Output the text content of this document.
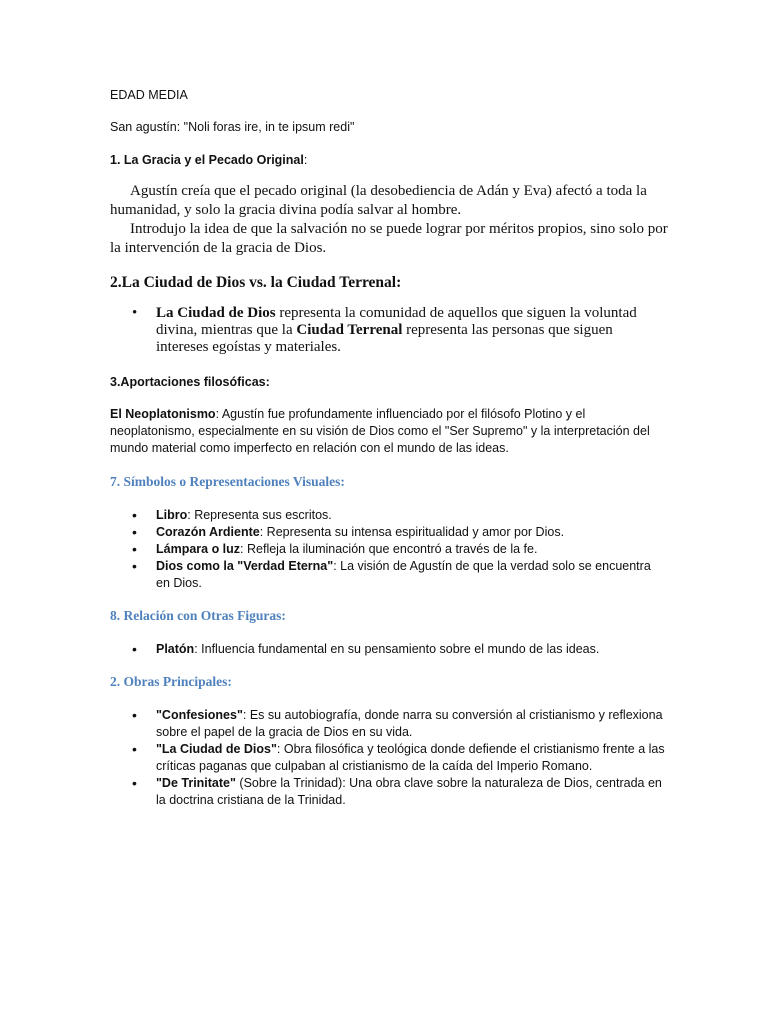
EDAD MEDIA

San agustín: "Noli foras ire, in te ipsum redi"

1. La Gracia y el Pecado Original:

Agustín creía que el pecado original (la desobediencia de Adán y Eva) afectó a toda la humanidad, y solo la gracia divina podía salvar al hombre.

Introdujo la idea de que la salvación no se puede lograr por méritos propios, sino solo por la intervención de la gracia de Dios.

2.La Ciudad de Dios vs. la Ciudad Terrenal:

• La Ciudad de Dios representa la comunidad de aquellos que siguen la voluntad divina, mientras que la Ciudad Terrenal representa las personas que siguen intereses egoístas y materiales.

3.Aportaciones filosóficas:

El Neoplatonismo: Agustín fue profundamente influenciado por el filósofo Plotino y el neoplatonismo, especialmente en su visión de Dios como el "Ser Supremo" y la interpretación del mundo material como imperfecto en relación con el mundo de las ideas.

7. Símbolos o Representaciones Visuales:

• Libro: Representa sus escritos.
• Corazón Ardiente: Representa su intensa espiritualidad y amor por Dios.
• Lámpara o luz: Refleja la iluminación que encontró a través de la fe.
• Dios como la "Verdad Eterna": La visión de Agustín de que la verdad solo se encuentra en Dios.

8. Relación con Otras Figuras:

• Platón: Influencia fundamental en su pensamiento sobre el mundo de las ideas.

2. Obras Principales:

• "Confesiones": Es su autobiografía, donde narra su conversión al cristianismo y reflexiona sobre el papel de la gracia de Dios en su vida.
• "La Ciudad de Dios": Obra filosófica y teológica donde defiende el cristianismo frente a las críticas paganas que culpaban al cristianismo de la caída del Imperio Romano.
• "De Trinitate" (Sobre la Trinidad): Una obra clave sobre la naturaleza de Dios, centrada en la doctrina cristiana de la Trinidad.
